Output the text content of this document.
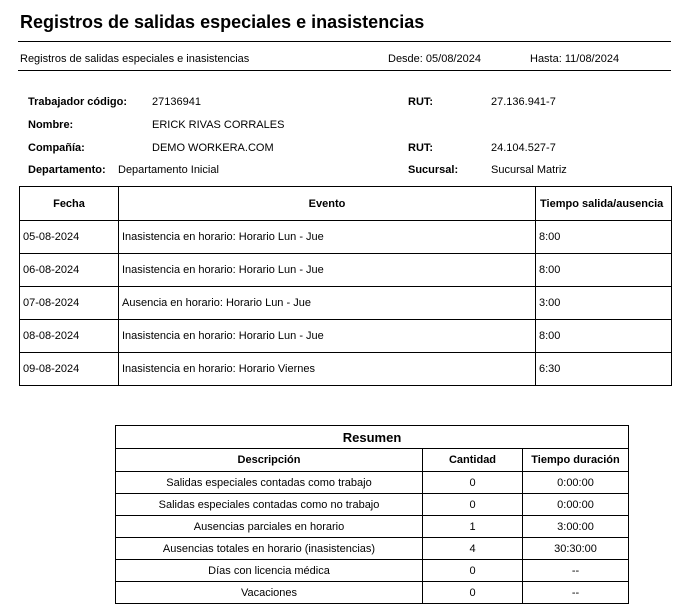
Registros de salidas especiales e inasistencias
Registros de salidas especiales e inasistencias	Desde: 05/08/2024	Hasta: 11/08/2024
Trabajador código: 27136941	RUT:	27.136.941-7
Nombre:	ERICK RIVAS CORRALES
Compañía:	DEMO WORKERA.COM	RUT:	24.104.527-7
Departamento: Departamento Inicial	Sucursal:	Sucursal Matriz
Fecha	Evento	Tiempo salida/ausencia
05-08-2024	Inasistencia en horario: Horario Lun - Jue	8:00
06-08-2024	Inasistencia en horario: Horario Lun - Jue	8:00
07-08-2024	Ausencia en horario: Horario Lun - Jue	3:00
08-08-2024	Inasistencia en horario: Horario Lun - Jue	8:00
09-08-2024	Inasistencia en horario: Horario Viernes	6:30
Resumen		
Descripción	Cantidad	Tiempo duración
Salidas especiales contadas como trabajo	0	0:00:00
Salidas especiales contadas como no trabajo	0	0:00:00
Ausencias parciales en horario	1	3:00:00
Ausencias totales en horario (inasistencias)	4	30:30:00
Días con licencia médica	0	--
Vacaciones	0	--
